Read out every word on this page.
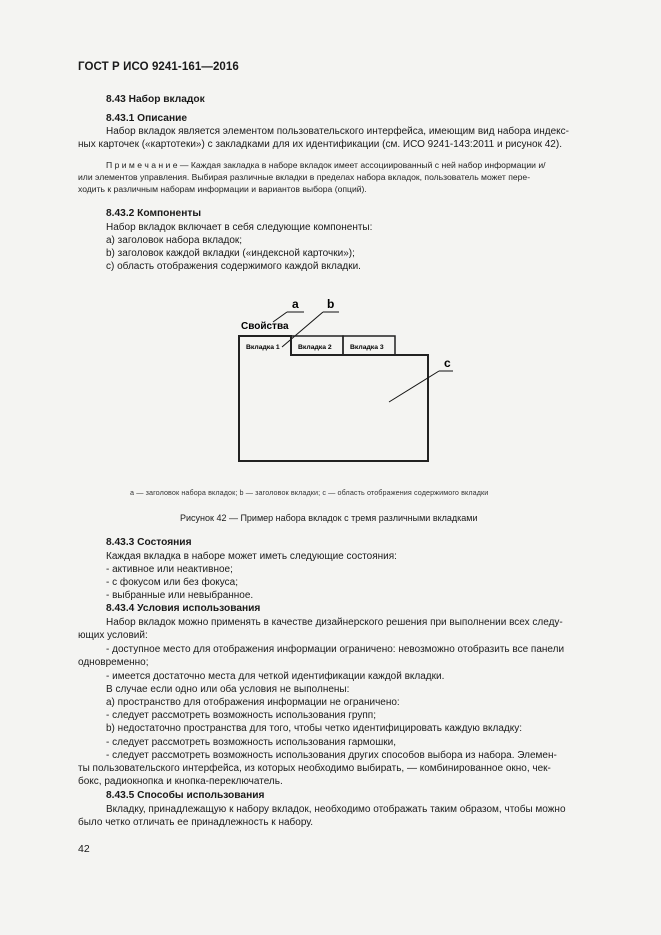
ГОСТ Р ИСО 9241-161—2016
8.43 Набор вкладок
8.43.1 Описание
Набор вкладок является элементом пользовательского интерфейса, имеющим вид набора индекс-
ных карточек («картотеки») с закладками для их идентификации (см. ИСО 9241-143:2011 и рисунок 42).
П р и м е ч а н и е — Каждая закладка в наборе вкладок имеет ассоциированный с ней набор информации и/
или элементов управления. Выбирая различные вкладки в пределах набора вкладок, пользователь может пере-
ходить к различным наборам информации и вариантов выбора (опций).
8.43.2 Компоненты
Набор вкладок включает в себя следующие компоненты:
a) заголовок набора вкладок;
b) заголовок каждой вкладки («индексной карточки»);
c) область отображения содержимого каждой вкладки.
a b
Свойства
Вкладка 1	Вкладка 2	Вкладка 3
c
a — заголовок набора вкладок; b — заголовок вкладки; c — область отображения содержимого вкладки
Рисунок 42 — Пример набора вкладок с тремя различными вкладками
8.43.3 Состояния
Каждая вкладка в наборе может иметь следующие состояния:
- активное или неактивное;
- с фокусом или без фокуса;
- выбранные или невыбранное.
8.43.4 Условия использования
Набор вкладок можно применять в качестве дизайнерского решения при выполнении всех следу-
ющих условий:
- доступное место для отображения информации ограничено: невозможно отобразить все панели
одновременно;
- имеется достаточно места для четкой идентификации каждой вкладки.
В случае если одно или оба условия не выполнены:
a) пространство для отображения информации не ограничено:
- следует рассмотреть возможность использования групп;
b) недостаточно пространства для того, чтобы четко идентифицировать каждую вкладку:
- следует рассмотреть возможность использования гармошки,
- следует рассмотреть возможность использования других способов выбора из набора. Элемен-
ты пользовательского интерфейса, из которых необходимо выбирать, — комбинированное окно, чек-
бокс, радиокнопка и кнопка-переключатель.
8.43.5 Способы использования
Вкладку, принадлежащую к набору вкладок, необходимо отображать таким образом, чтобы можно
было четко отличать ее принадлежность к набору.
42
